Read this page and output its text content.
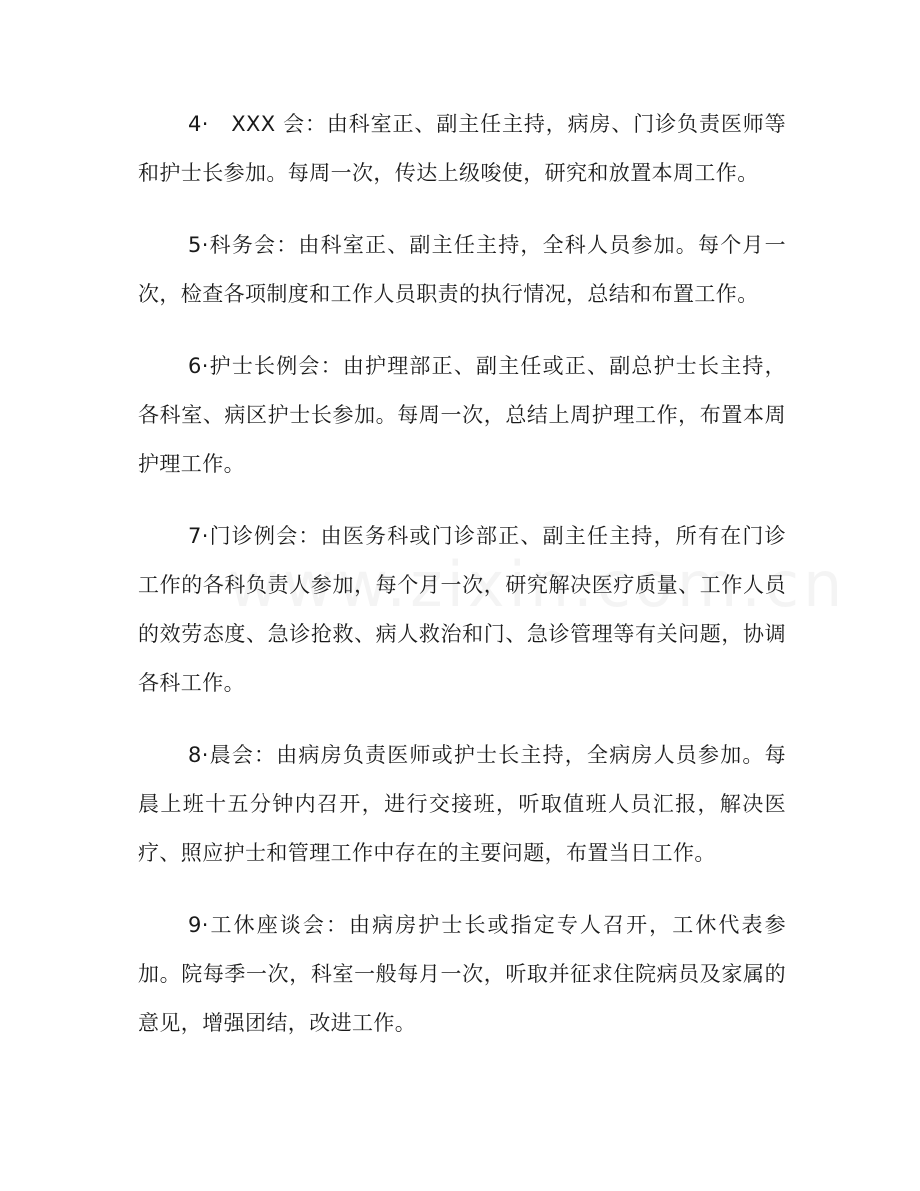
4·　XXX 会：由科室正、副主任主持，病房、门诊负责医师等和护士长参加。每周一次，传达上级唆使，研究和放置本周工作。

5·科务会：由科室正、副主任主持，全科人员参加。每个月一次，检查各项制度和工作人员职责的执行情况，总结和布置工作。

6·护士长例会：由护理部正、副主任或正、副总护士长主持，各科室、病区护士长参加。每周一次，总结上周护理工作，布置本周护理工作。

7·门诊例会：由医务科或门诊部正、副主任主持，所有在门诊工作的各科负责人参加，每个月一次，研究解决医疗质量、工作人员的效劳态度、急诊抢救、病人救治和门、急诊管理等有关问题，协调各科工作。

8·晨会：由病房负责医师或护士长主持，全病房人员参加。每晨上班十五分钟内召开，进行交接班，听取值班人员汇报，解决医疗、照应护士和管理工作中存在的主要问题，布置当日工作。

9·工休座谈会：由病房护士长或指定专人召开，工休代表参加。院每季一次，科室一般每月一次，听取并征求住院病员及家属的意见，增强团结，改进工作。
